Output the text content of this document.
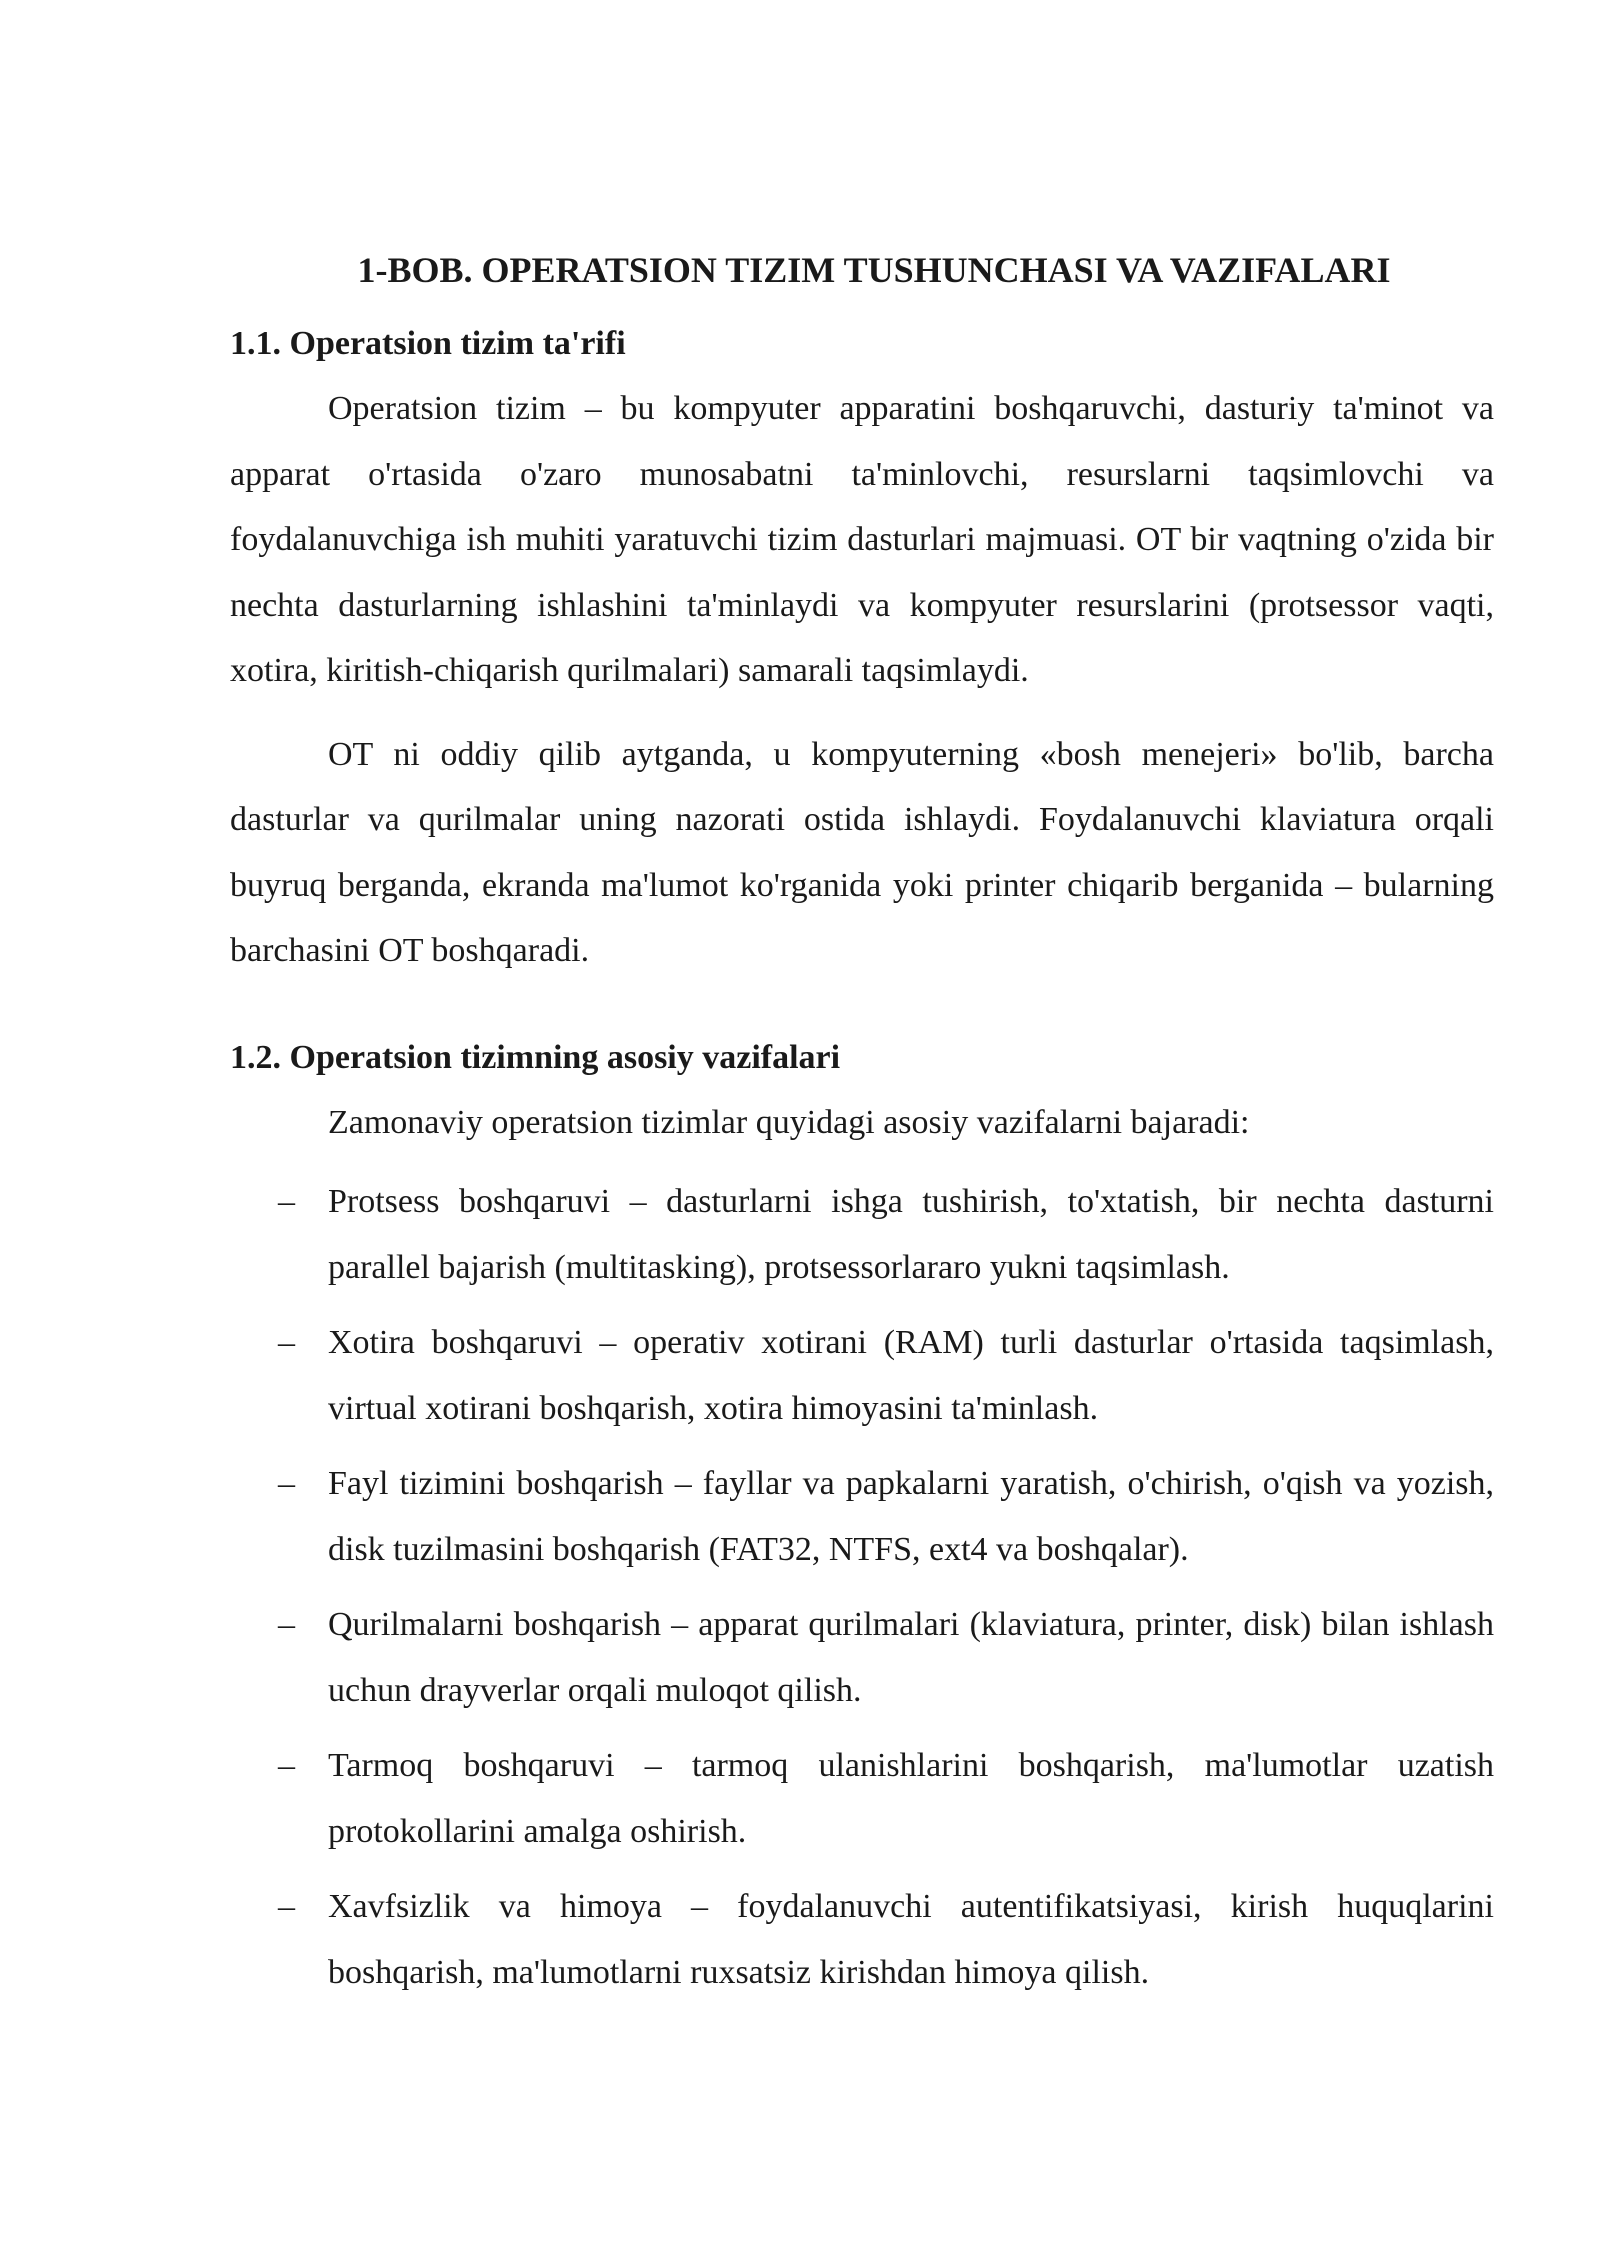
1-BOB. OPERATSION TIZIM TUSHUNCHASI VA VAZIFALARI
1.1. Operatsion tizim ta'rifi

Operatsion tizim – bu kompyuter apparatini boshqaruvchi, dasturiy ta'minot va apparat o'rtasida o'zaro munosabatni ta'minlovchi, resurslarni taqsimlovchi va foydalanuvchiga ish muhiti yaratuvchi tizim dasturlari majmuasi. OT bir vaqtning o'zida bir nechta dasturlarning ishlashini ta'minlaydi va kompyuter resurslarini (protsessor vaqti, xotira, kiritish-chiqarish qurilmalari) samarali taqsimlaydi.

OT ni oddiy qilib aytganda, u kompyuterning «bosh menejeri» bo'lib, barcha dasturlar va qurilmalar uning nazorati ostida ishlaydi. Foydalanuvchi klaviatura orqali buyruq berganda, ekranda ma'lumot ko'rganida yoki printer chiqarib berganida – bularning barchasini OT boshqaradi.

1.2. Operatsion tizimning asosiy vazifalari

Zamonaviy operatsion tizimlar quyidagi asosiy vazifalarni bajaradi:

– Protsess boshqaruvi – dasturlarni ishga tushirish, to'xtatish, bir nechta dasturni parallel bajarish (multitasking), protsessorlararo yukni taqsimlash.
– Xotira boshqaruvi – operativ xotirani (RAM) turli dasturlar o'rtasida taqsimlash, virtual xotirani boshqarish, xotira himoyasini ta'minlash.
– Fayl tizimini boshqarish – fayllar va papkalarni yaratish, o'chirish, o'qish va yozish, disk tuzilmasini boshqarish (FAT32, NTFS, ext4 va boshqalar).
– Qurilmalarni boshqarish – apparat qurilmalari (klaviatura, printer, disk) bilan ishlash uchun drayverlar orqali muloqot qilish.
– Tarmoq boshqaruvi – tarmoq ulanishlarini boshqarish, ma'lumotlar uzatish protokollarini amalga oshirish.
– Xavfsizlik va himoya – foydalanuvchi autentifikatsiyasi, kirish huquqlarini boshqarish, ma'lumotlarni ruxsatsiz kirishdan himoya qilish.
